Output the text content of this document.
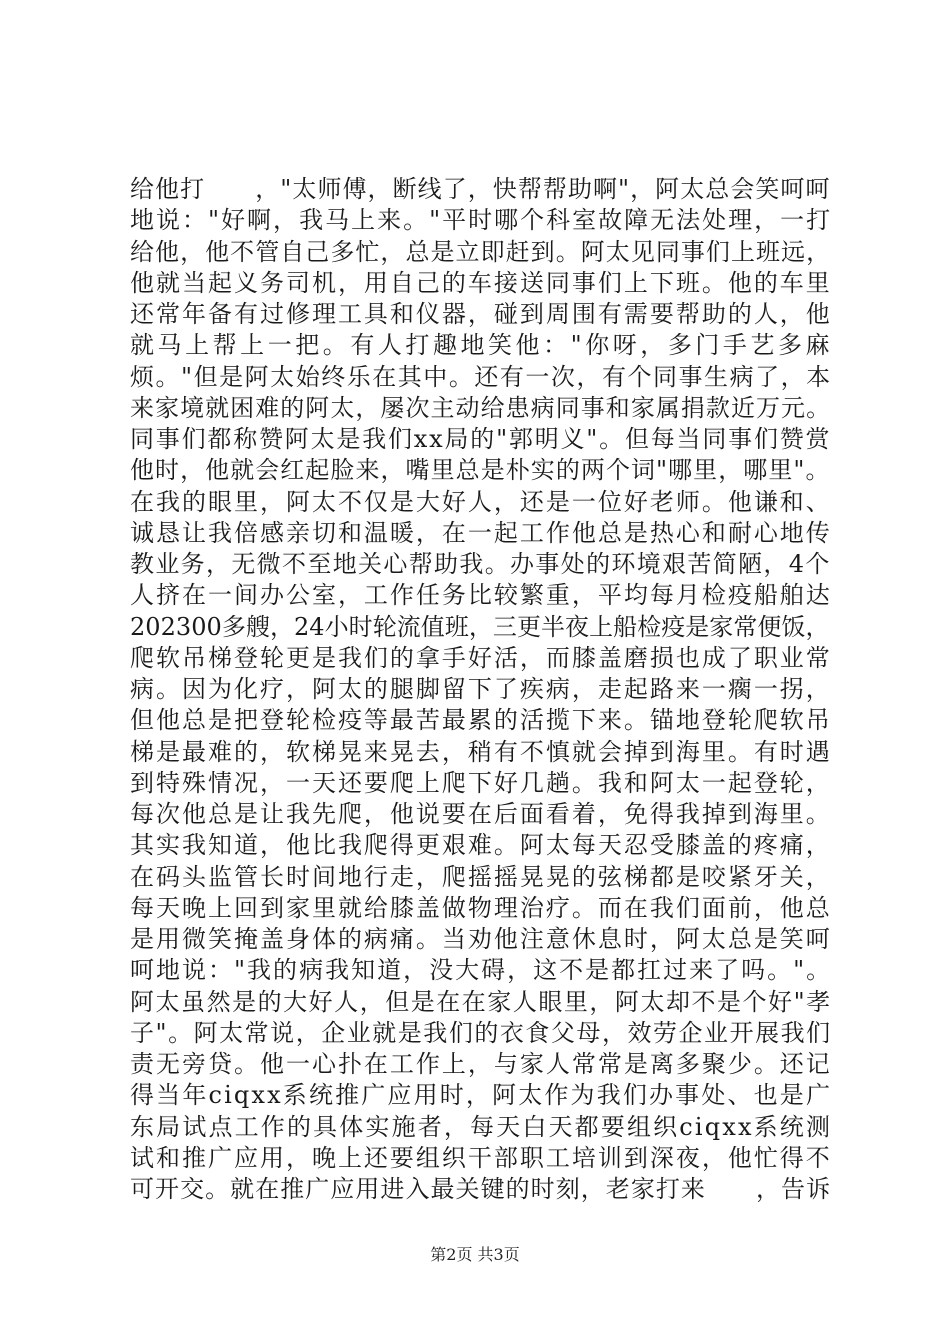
给他打　　，"太师傅，断线了，快帮帮助啊"，阿太总会笑呵呵
地说："好啊，我马上来。"平时哪个科室故障无法处理，一打
给他，他不管自己多忙，总是立即赶到。阿太见同事们上班远，
他就当起义务司机，用自己的车接送同事们上下班。他的车里
还常年备有过修理工具和仪器，碰到周围有需要帮助的人，他
就马上帮上一把。有人打趣地笑他："你呀，多门手艺多麻
烦。"但是阿太始终乐在其中。还有一次，有个同事生病了，本
来家境就困难的阿太，屡次主动给患病同事和家属捐款近万元。
同事们都称赞阿太是我们xx局的"郭明义"。但每当同事们赞赏
他时，他就会红起脸来，嘴里总是朴实的两个词"哪里，哪里"。
在我的眼里，阿太不仅是大好人，还是一位好老师。他谦和、
诚恳让我倍感亲切和温暖，在一起工作他总是热心和耐心地传
教业务，无微不至地关心帮助我。办事处的环境艰苦简陋，4个
人挤在一间办公室，工作任务比较繁重，平均每月检疫船舶达
202300多艘，24小时轮流值班，三更半夜上船检疫是家常便饭，
爬软吊梯登轮更是我们的拿手好活，而膝盖磨损也成了职业常
病。因为化疗，阿太的腿脚留下了疾病，走起路来一瘸一拐，
但他总是把登轮检疫等最苦最累的活揽下来。锚地登轮爬软吊
梯是最难的，软梯晃来晃去，稍有不慎就会掉到海里。有时遇
到特殊情况，一天还要爬上爬下好几趟。我和阿太一起登轮，
每次他总是让我先爬，他说要在后面看着，免得我掉到海里。
其实我知道，他比我爬得更艰难。阿太每天忍受膝盖的疼痛，
在码头监管长时间地行走，爬摇摇晃晃的弦梯都是咬紧牙关，
每天晚上回到家里就给膝盖做物理治疗。而在我们面前，他总
是用微笑掩盖身体的病痛。当劝他注意休息时，阿太总是笑呵
呵地说："我的病我知道，没大碍，这不是都扛过来了吗。"。
阿太虽然是的大好人，但是在在家人眼里，阿太却不是个好"孝
子"。阿太常说，企业就是我们的衣食父母，效劳企业开展我们
责无旁贷。他一心扑在工作上，与家人常常是离多聚少。还记
得当年ciqxx系统推广应用时，阿太作为我们办事处、也是广
东局试点工作的具体实施者，每天白天都要组织ciqxx系统测
试和推广应用，晚上还要组织干部职工培训到深夜，他忙得不
可开交。就在推广应用进入最关键的时刻，老家打来　　，告诉
第2页 共3页
